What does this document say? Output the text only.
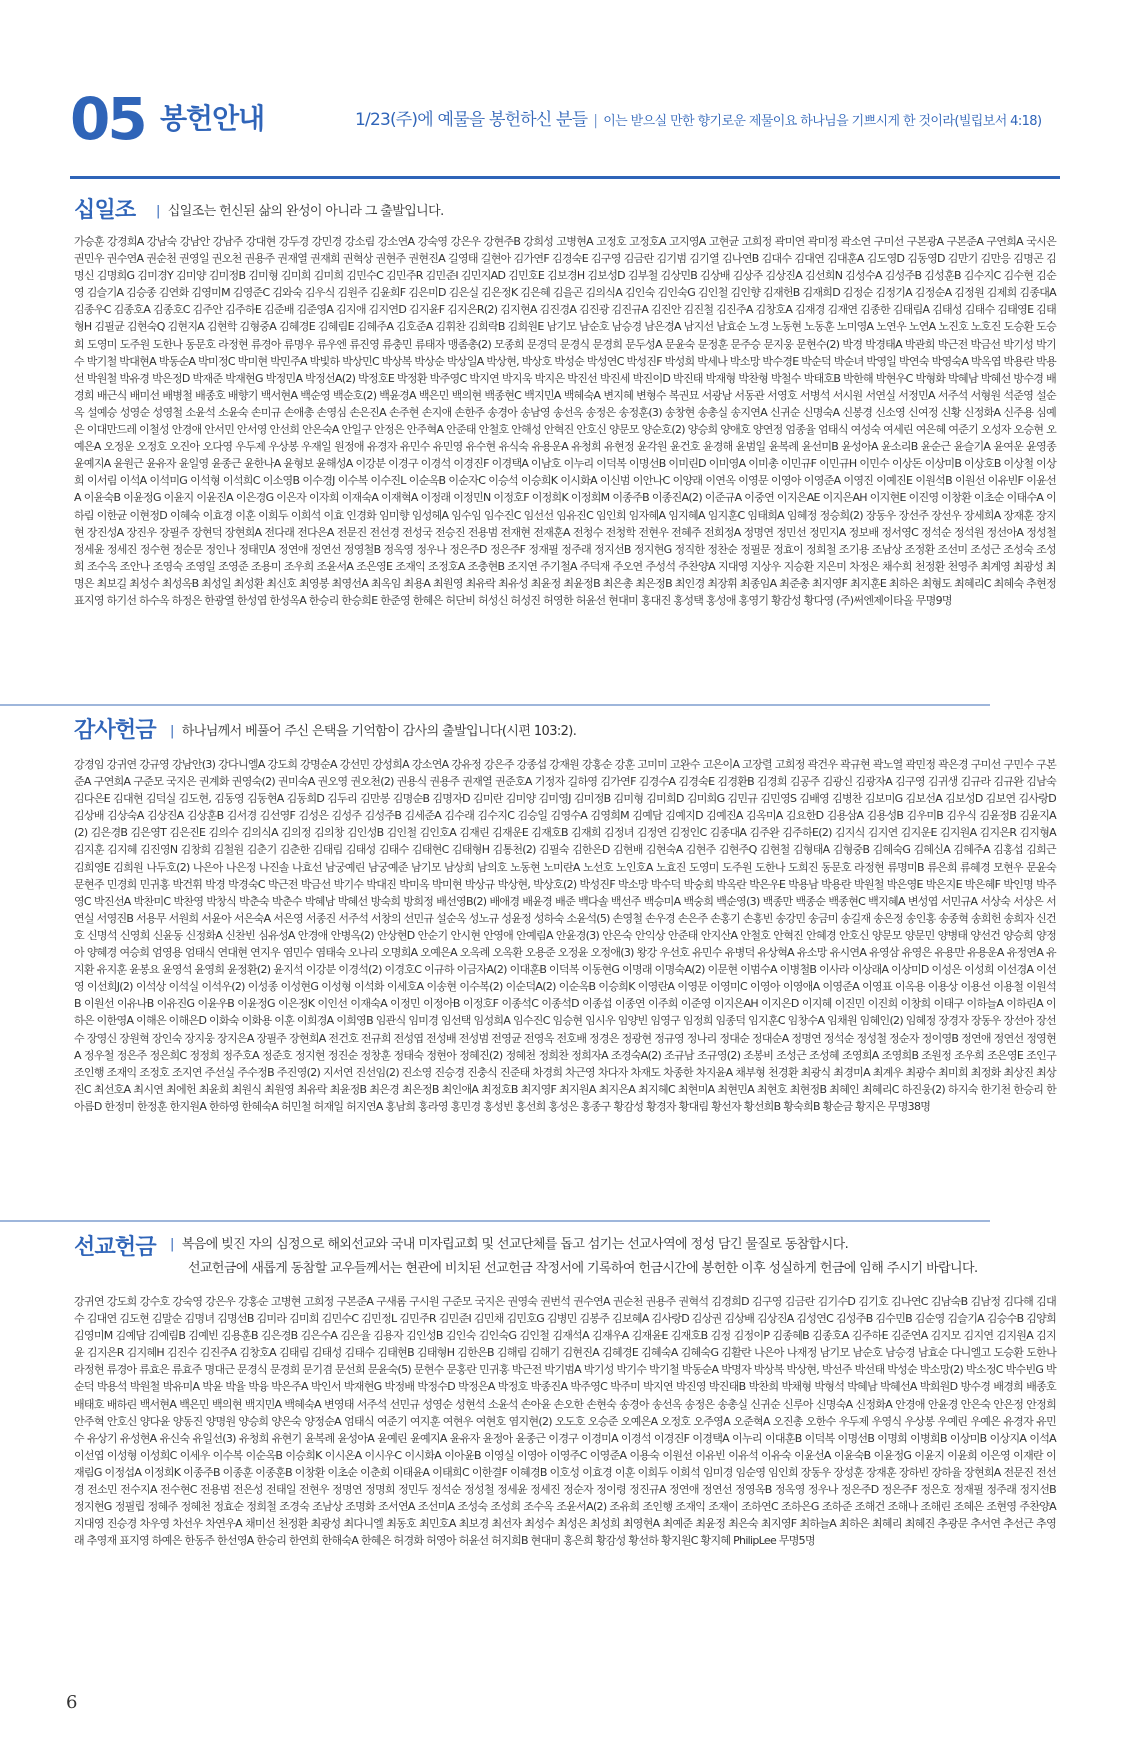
05 봉헌안내	1/23(주)에 예물을 봉헌하신 분들 | 이는 받으실 만한 향기로운 제물이요 하나님을 기쁘시게 한 것이라(빌립보서 4:18)
십일조 | 십일조는 헌신된 삶의 완성이 아니라 그 출발입니다.
가승훈 강경희A 강남숙 강남안 강남주 강대현 강두경 강민경 강소림 강소연A 강숙영 강은우 강현주B 강희성 고병현A 고정호 고정호A 고지영A 고현균 고희정 곽미연 곽미정 곽소연 구미선 구본광A 구본준A 구연희A 국시은 권민우 권수연A 권순천 권영일 권오천 권용주 권재열 권재희 권혁상 권현주 권현진A 길영태 길현아 김가연F 김경숙E 김구영 김금란 김기범 김기열 김나연B 김대수 김대연 김대훈A 김도영D 김동영D 김만기 김만응 김명곤 김명신 김명희G 김미경Y 김미양 김미정B 김미형 김미희 김미희 김민수C 김민주R 김민준I 김민지AD 김민호E 김보경H 김보성D 김부철 김상민B 김상배 김상주 김상진A 김선희N 김성수A 김성주B 김성훈B 김수지C 김수현 김순영 김슬기A 김승종 김연화 김영미M 김영준C 김와숙 김우식 김원주 김윤희F 김은미D 김은실 김은정K 김은혜 김을곤 김의식A 김인숙 김인숙G 김인철 김인향 김재헌B 김재희D 김정순 김정기A 김정순A 김정원 김제희 김종대A 김종우C 김종호A 김종호C 김주안 김주하E 김준배 김준영A 김지애 김지연D 김지윤F 김지은R(2) 김지현A 김진경A 김진광 김진규A 김진안 김진철 김진주A 김창호A 김재경 김재연 김종한 김태림A 김태성 김태수 김태영E 김태형H 김필균 김현숙Q 김현지A 김현학 김형중A 김혜경E 김혜림E 김혜주A 김호준A 김휘찬 김희락B 김희원E 남기모 남순호 남승경 남은경A 남지선 남효순 노경 노동현 노동훈 노미영A 노연우 노연A 노진호 노호진 도승환 도승희 도영미 도주원 도한나 동문호 라정현 류경아 류명우 류우엔 류진영 류충민 류태자 맹좀총(2) 모종희 문경덕 문경식 문경희 문두성A 문윤숙 문정훈 문주승 문지웅 문현수(2) 박경 박경태A 박관희 박근전 박금선 박기성 박기수 박기철 박대현A 박동순A 박미정C 박미현 박민주A 박빛하 박상민C 박상복 박상순 박상일A 박상현, 박상호 박성순 박성연C 박성진F 박성희 박세나 박소망 박수경E 박순덕 박순녀 박영일 박연숙 박영숙A 박옥엽 박용란 박용선 박원철 박유경 박은정D 박재준 박재현G 박정민A 박정선A(2) 박정호E 박정환 박주영C 박지연 박지욱 박지은 박진선 박진세 박진이D 박진태 박재형 박찬형 박철수 박태호B 박한해 박현우C 박형화 박혜남 박혜선 방수경 배경희 배근식 배미선 배병철 배종호 배향기 백서현A 백순영 백순호(2) 백윤경A 백은민 백의현 백종현C 백지민A 백혜숙A 변지혜 변형수 복권묘 서광남 서동관 서영호 서병석 서시원 서연실 서정민A 서주석 서형원 석준영 설순옥 설예승 성영순 성영철 소윤석 소윤숙 손미규 손애총 손영심 손은진A 손주현 손지애 손한주 송경아 송남영 송선옥 송정은 송정훈(3) 송창현 송총실 송지연A 신귀순 신명숙A 신봉경 신소영 신여정 신황 신정화A 신주용 심예은 이대만드레 이철성 안경애 안서민 안서영 안선희 안은숙A 안일구 안정은 안주혁A 안준태 안철호 안해성 안혁진 안호신 양문모 양순호(2) 양승희 양애호 양연정 엄종율 엄태식 여성숙 여세린 여은혜 여준기 오성자 오승현 오예은A 오정운 오정호 오진아 오다영 우두제 우상봉 우재일 원정애 유경자 유민수 유민영 유수현 유식숙 유용운A 유청희 유현정 윤각원 윤건호 윤경해 윤범일 윤복례 윤선미B 윤성아A 윤소리B 윤순근 윤슬기A 윤여운 윤영종 윤예지A 윤원근 윤유자 윤일영 윤종근 윤한나A 윤형보 윤해성A 이강분 이경구 이경석 이경진F 이경택A 이남호 이누리 이덕복 이명선B 이미린D 이미영A 이미총 이민규F 이민규H 이민수 이상돈 이상미B 이상호B 이상철 이상희 이서림 이석A 이석미G 이석형 이석희C 이소영B 이수경J 이수복 이수진L 이순옥B 이순자C 이승석 이승희K 이시화A 이신범 이안나C 이양래 이연옥 이영문 이영아 이영준A 이영진 이예진E 이원석B 이원선 이유빈F 이윤선A 이윤숙B 이윤정G 이윤지 이윤진A 이은경G 이은자 이자희 이재숙A 이재혁A 이정래 이정민N 이정호F 이정희K 이정희M 이종주B 이종진A(2) 이준규A 이중연 이지은AE 이지은AH 이지현E 이진영 이창환 이초순 이태수A 이하림 이한균 이현정D 이혜숙 이효경 이훈 이희두 이희석 이효 인경화 임미향 임성헤A 임수임 임수진C 임선선 임유진C 임인희 임자혜A 임지혜A 임지훈C 임태희A 임혜정 정승희(2) 장동우 장선주 장선우 장세희A 장재훈 장지현 장진성A 장진우 장필주 장현덕 장현희A 전다래 전다은A 전문진 전선경 전성국 전승진 전용범 전재현 전재훈A 전청수 전청학 전현우 전혜주 전희정A 정명연 정민선 정민지A 정보배 정서영C 정석순 정석원 정선아A 정성철 정세윤 정세진 정수현 정순문 정인나 정태민A 정연애 정연선 정영철B 정옥영 정우나 정은주D 정은주F 정재필 정주래 정지선B 정지현G 정직한 정찬순 정필문 정효이 정희철 조기용 조남상 조정환 조선미 조성근 조성숙 조성희 조수옥 조안나 조영숙 조영일 조영준 조용미 조우희 조윤서A 조은영E 조재익 조정호A 조충현B 조지연 주기철A 주덕재 주오연 주성석 주찬양A 지대영 지상우 지승환 지은미 차정은 채수희 천정환 천영주 최계영 최광성 최명은 최보길 최성수 최성옥B 최성일 최성환 최신호 최영봉 최영선A 최옥임 최용A 최원영 최유락 최유성 최윤정 최윤정B 최은총 최은정B 최인경 최장휘 최종임A 최준총 최지영F 최지훈E 최하은 최형도 최혜리C 최혜숙 추현정 표지영 하기선 하수옥 하정은 한광열 한성엽 한성옥A 한승리 한승희E 한준영 한혜은 허단비 허성신 허성진 허영한 허윤선 현대미 홍대진 홍성택 홍성애 홍영기 황감성 황다영 (주)써엔제이타올 무명9명
감사헌금 | 하나님께서 베풀어 주신 은택을 기억함이 감사의 출발입니다(시편 103:2).
강경임 강귀연 강규영 강남안(3) 강다니엘A 강도희 강명순A 강선민 강성희A 강소연A 강유정 강은주 강종섭 강재원 강홍순 강훈 고미미 고완수 고은이A 고장렬 고희정 곽건우 곽규현 곽노열 곽민정 곽은경 구미선 구민수 구본준A 구연희A 구준모 국지은 권계화 권영숙(2) 권미숙A 권오영 권오천(2) 권용식 권용주 권재열 권준호A 기정자 길하영 김가연F 김경수A 김경숙E 김경환B 김경희 김공주 김광신 김광자A 김구영 김귀생 김규라 김규완 김남숙 김다은E 김대현 김덕실 김도현, 김동영 김동현A 김동희D 김두리 김만봉 김명순B 김명자D 김미란 김미양 김미영J 김미정B 김미형 김미희D 김미희G 김민규 김민영S 김배영 김병찬 김보미G 김보선A 김보성D 김보연 김사랑D 김상배 김상숙A 김상진A 김상훈B 김서경 김선영F 김성은 김성주 김성주B 김세준A 김수래 김수지C 김승일 김영수A 김영희M 김예담 김예지D 김예진A 김옥미A 김요한D 김용삼A 김용성B 김우미B 김우식 김윤정B 김윤지A(2) 김은경B 김은영T 김은진E 김의수 김의식A 김의정 김의창 김인성B 김인철 김인호A 김재린 김재운E 김재호B 김재희 김정녀 김정연 김정인C 김종대A 김주완 김주하E(2) 김지식 김지연 김지운E 김지원A 김지은R 김지형A 김지훈 김지혜 김진영N 김창희 김철원 김춘기 김춘한 김태림 김태성 김태수 김태현C 김태형H 김통천(2) 김필숙 김한은D 김현배 김현숙A 김현주 김현주Q 김현철 김형태A 김형중B 김혜숙G 김혜신A 김혜주A 김홍섭 김희근 김희영E 김희원 나두호(2) 나은아 나은정 나진솔 나효선 남궁예린 남궁예준 남기모 남상희 남의호 노동현 노미란A 노선호 노인호A 노효진 도영미 도주원 도한나 도희진 동문호 라정현 류명미B 류은희 류혜경 모현우 문윤숙 문현주 민경희 민귀홍 박건휘 박경 박경숙C 박근전 박금선 박기수 박대진 박미옥 박미현 박상규 박상현, 박상호(2) 박성진F 박소망 박수덕 박숭희 박옥란 박은우E 박용남 박용란 박원철 박은영E 박은지E 박은혜F 박인명 박주영C 박진선A 박찬미C 박찬영 박창식 박춘숙 박춘수 박혜남 박혜선 방숙희 방희정 배선영B(2) 배애경 배윤경 배준 백다솔 백선주 백승미A 백숭희 백순영(3) 백종만 백종순 백종현C 백지혜A 변성엽 서민규A 서상숙 서상은 서연실 서영진B 서용무 서원희 서윤아 서은숙A 서은영 서종진 서주석 서창의 선민규 설순옥 성노규 성윤정 성하숙 소윤석(5) 손영철 손우경 손은주 손홍기 손홍빈 송강민 송금미 송길재 송은정 송인홍 송종혁 송희헌 송희자 신건호 신명석 신영희 신윤동 신정화A 신찬빈 심유성A 안경애 안병옥(2) 안상현D 안순기 안시현 안영애 안예림A 안윤경(3) 안은숙 안익상 안준태 안지산A 안철호 안혁진 안혜경 안호신 양문모 양문민 양병태 양선건 양승희 양정아 양혜경 여승희 엄영용 엄태식 연대현 연지우 염민수 염태숙 오나리 오명희A 오예은A 오옥례 오옥환 오용준 오정윤 오정애(3) 왕강 우선호 유민수 유병덕 유상혁A 유소망 유시연A 유영삼 유영은 유용만 유용운A 유정연A 유지환 유지훈 윤봉요 윤영석 윤영희 윤정환(2) 윤지석 이강분 이경석(2) 이경호C 이규하 이금자A(2) 이대훈B 이덕복 이동현G 이명래 이명숙A(2) 이문현 이범수A 이병철B 이사라 이상래A 이상미D 이성은 이성희 이선경A 이선영 이선희J(2) 이석상 이석실 이석우(2) 이성종 이성현G 이성형 이석화 이세호A 이송현 이수복(2) 이순덕A(2) 이순옥B 이승희K 이영란A 이영문 이영미C 이영아 이영애A 이영준A 이영표 이옥용 이용상 이용선 이용철 이원석B 이원선 이유나B 이유진G 이윤우B 이윤정G 이은정K 이인선 이재숙A 이정민 이정아B 이정호F 이종석C 이종석D 이종섭 이종연 이주희 이준영 이지은AH 이지은D 이지혜 이진민 이진희 이창희 이태구 이하늘A 이하린A 이하은 이한영A 이해은 이해은D 이화숙 이화용 이훈 이희경A 이희영B 임관식 임미경 임선택 임성희A 임수진C 임승현 임시우 임양빈 임영구 임정희 임종덕 임지훈C 임창수A 임채원 임혜인(2) 임혜정 장경자 장동우 장선아 장선수 장영신 장원혁 장인숙 장지웅 장지은A 장필주 장현희A 전건호 전규희 전성엽 전성배 전성범 전영균 전영옥 전호배 정경은 정광현 정규영 정나리 정대순 정대순A 정명연 정석순 정성철 정순자 정이영B 정연애 정연선 정영현A 정우철 정은주 정은희C 정정희 정주호A 정준호 정지현 정진순 정창훈 정태숙 정현아 정혜진(2) 정혜천 정희찬 정희자A 조경숙A(2) 조규남 조규영(2) 조봉비 조성근 조성혜 조영희A 조영희B 조원정 조우희 조은영E 조인구 조인행 조재익 조정호 조지연 주선실 주수정B 주진영(2) 지서연 진선임(2) 진소영 진승경 진충식 진준태 차경희 차근영 차다자 차재도 차종한 차지윤A 채부형 천경환 최광식 최경미A 최계우 최광수 최미희 최정화 최상진 최상진C 최선호A 최시연 최에헌 최윤희 최원식 최원영 최유락 최윤정B 최은경 최은정B 최인애A 최정호B 최지영F 최지원A 최지은A 최지헤C 최현미A 최현민A 최현호 최현정B 최혜인 최혜리C 하진웅(2) 하지숙 한기천 한승리 한아름D 한정미 한정훈 한지원A 한하영 한혜숙A 허민철 허재일 허지연A 홍남희 홍라영 홍민경 홍성빈 홍선희 홍성은 홍종구 황감성 황경자 황대림 황선자 황선희B 황숙희B 황순금 황지은 무명38명
선교헌금 | 복음에 빚진 자의 심정으로 해외선교와 국내 미자립교회 및 선교단체를 돕고 섬기는 선교사역에 정성 담긴 물질로 동참합시다.
선교헌금에 새롭게 동참할 교우들께서는 현관에 비치된 선교헌금 작정서에 기록하여 헌금시간에 봉헌한 이후 성실하게 헌금에 임해 주시기 바랍니다.
강귀연 강도희 강수호 강숙영 강은우 강홍순 고병현 고희정 구본준A 구새롬 구시원 구준모 국지은 권영숙 권번석 권수연A 권순천 권용주 권혁석 김경희D 김구영 김금란 김기수D 김기호 김나연C 김남숙B 김남정 김다해 김대수 김대연 김도현 김말순 김명녀 김명선B 김미라 김미희 김민수C 김민정L 김민주R 김민준I 김민채 김민호G 김병민 김봉주 김보혜A 김사랑D 김상권 김상배 김상진A 김성연C 김성주B 김수민B 김순영 김슬기A 김승수B 김양희 김영미M 김예담 김예림B 김예빈 김용훈B 김은경B 김은수A 김은율 김용자 김인성B 김인숙 김인숙G 김인철 김재석A 김재우A 김재윤E 김재호B 김정 김정이P 김종혜B 김종호A 김주하E 김준연A 김지모 김지연 김지원A 김지윤 김지은R 김지혜H 김진수 김진주A 김창호A 김태림 김태성 김태수 김태현B 김태형H 김한은B 김해림 김해기 김현진A 김혜경E 김혜숙A 김혜숙G 김활란 나은아 나재정 남기모 남순호 남승경 남효순 다니엘고 도승환 도한나 라정현 류경아 류효은 류효주 명대근 문경식 문경희 문기겸 문선희 문윤숙(5) 문현수 문홍란 민귀홍 박근전 박기범A 박기성 박기수 박기철 박동순A 박명자 박상복 박상현, 박선주 박선태 박성순 박소망(2) 박소정C 박수빈G 박순덕 박용석 박원철 박유미A 박윤 박율 박융 박은주A 박인서 박재현G 박정배 박정수D 박정은A 박정호 박종진A 박주영C 박주미 박지연 박진영 박진태B 박찬희 박채형 박형석 박혜남 박혜선A 박희원D 방수경 배경희 배종호 배태호 배하린 백서현A 백은민 백의현 백지민A 백혜숙A 변영태 서주석 선민규 성영순 성현석 소윤석 손아윤 손오한 손현숙 송경아 송선옥 송정은 송총실 신귀순 신루아 신명숙A 신정화A 안경애 안윤경 안은숙 안은정 안정희 안주혁 안호신 양다윤 양동진 양명원 양승희 양은숙 양정순A 엄태식 여준기 여지훈 여현우 여현호 염지현(2) 오도호 오승준 오예은A 오정호 오주영A 오준혁A 오진총 오한수 우두제 우영식 우상봉 우예린 우예은 유경자 유민수 유상기 유성현A 유신숙 유일선(3) 유청희 유현기 윤복례 윤성아A 윤예린 윤예지A 윤유자 윤정아 윤종근 이경구 이경미A 이경석 이경진F 이경택A 이누리 이대훈B 이덕복 이명선B 이명희 이병희B 이상미B 이상지A 이석A 이선엽 이성형 이성희C 이세우 이수복 이순옥B 이승희K 이시온A 이시우C 이시화A 이아윤B 이영실 이영아 이영주C 이영준A 이용숙 이원선 이유빈 이유석 이유숙 이윤선A 이윤숙B 이윤정G 이윤지 이윤희 이은영 이재란 이재림G 이정섭A 이정희K 이종주B 이종훈 이종훈B 이창환 이초순 이춘희 이태윤A 이태희C 이한결F 이혜경B 이호성 이효경 이훈 이희두 이희석 임미경 임순영 임인희 장동우 장성훈 장재훈 장하빈 장하율 장현희A 전문진 전선경 전소민 전수지A 전수현C 전용범 전은성 전태일 전현우 정명연 정명희 정민두 정석순 정성철 정세윤 정세진 정순자 정이령 정진규A 정연애 정연선 정영옥B 정옥영 정우나 정은주D 정은주F 정은호 정재필 정주래 정지선B 정지현G 정필립 정혜주 정혜천 정효순 정희철 조경숙 조남상 조명화 조서연A 조선미A 조성숙 조성희 조수옥 조윤서A(2) 조유희 조인행 조재익 조재이 조하연C 조하은G 조하준 조해건 조해나 조해린 조혜은 조현영 주찬양A 지대영 진승경 차우영 차선우 차연우A 채미선 천정환 최광성 최다니엘 최동호 최민호A 최보경 최선자 최성수 최성은 최성희 최영현A 최예준 최윤정 최은숙 최지영F 최하늘A 최하은 최혜리 최혜진 추광문 추서연 추선근 추영래 추영재 표지영 하예은 한동주 한선영A 한승리 한연희 한해숙A 한혜은 허경화 허영아 허윤선 허지희B 현대미 홍은희 황감성 황선하 황지원C 황지혜 PhilipLee 무명5명
6
